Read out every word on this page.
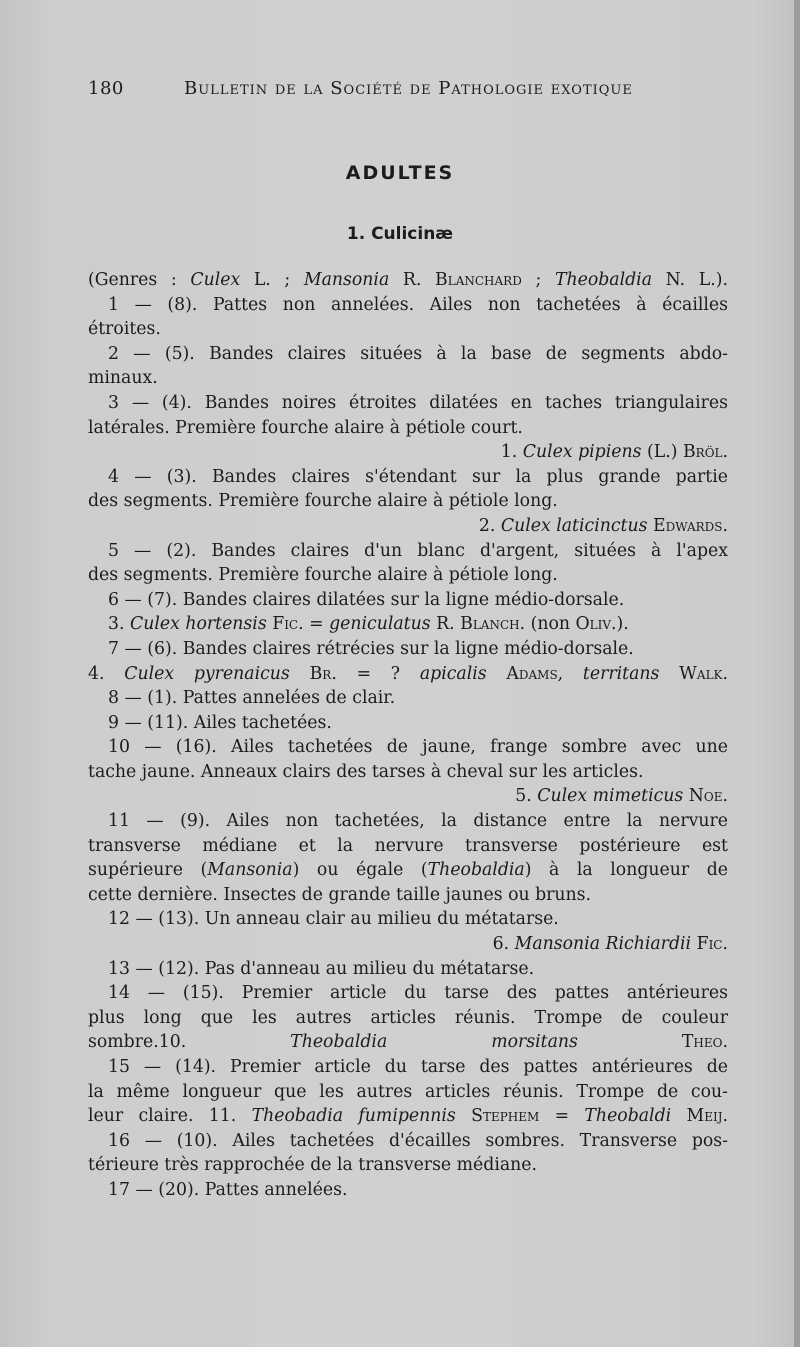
180	Bulletin de la Société de Pathologie exotique
ADULTES
1. Culicinæ
(Genres : Culex L. ; Mansonia R. Blanchard ; Theobaldia N. L.).
1 — (8). Pattes non annelées. Ailes non tachetées à écailles
étroites.
2 — (5). Bandes claires situées à la base de segments abdo-
minaux.
3 — (4). Bandes noires étroites dilatées en taches triangulaires
latérales. Première fourche alaire à pétiole court.
1. Culex pipiens (L.) Bröl.
4 — (3). Bandes claires s'étendant sur la plus grande partie
des segments. Première fourche alaire à pétiole long.
2. Culex laticinctus Edwards.
5 — (2). Bandes claires d'un blanc d'argent, situées à l'apex
des segments. Première fourche alaire à pétiole long.
6 — (7). Bandes claires dilatées sur la ligne médio-dorsale.
3. Culex hortensis Fic. = geniculatus R. Blanch. (non Oliv.).
7 — (6). Bandes claires rétrécies sur la ligne médio-dorsale.
4. Culex pyrenaicus Br. = ? apicalis Adams, territans Walk.
8 — (1). Pattes annelées de clair.
9 — (11). Ailes tachetées.
10 — (16). Ailes tachetées de jaune, frange sombre avec une
tache jaune. Anneaux clairs des tarses à cheval sur les articles.
5. Culex mimeticus Noe.
11 — (9). Ailes non tachetées, la distance entre la nervure
transverse médiane et la nervure transverse postérieure est
supérieure (Mansonia) ou égale (Theobaldia) à la longueur de
cette dernière. Insectes de grande taille jaunes ou bruns.
12 — (13). Un anneau clair au milieu du métatarse.
6. Mansonia Richiardii Fic.
13 — (12). Pas d'anneau au milieu du métatarse.
14 — (15). Premier article du tarse des pattes antérieures
plus long que les autres articles réunis. Trompe de couleur
sombre.10. Theobaldia morsitans	Theo.
15 — (14). Premier article du tarse des pattes antérieures de
la même longueur que les autres articles réunis. Trompe de cou-
leur claire. 11. Theobadia fumipennis Stephem = Theobaldi Meij.
16 — (10). Ailes tachetées d'écailles sombres. Transverse pos-
térieure très rapprochée de la transverse médiane.
17 — (20). Pattes annelées.
